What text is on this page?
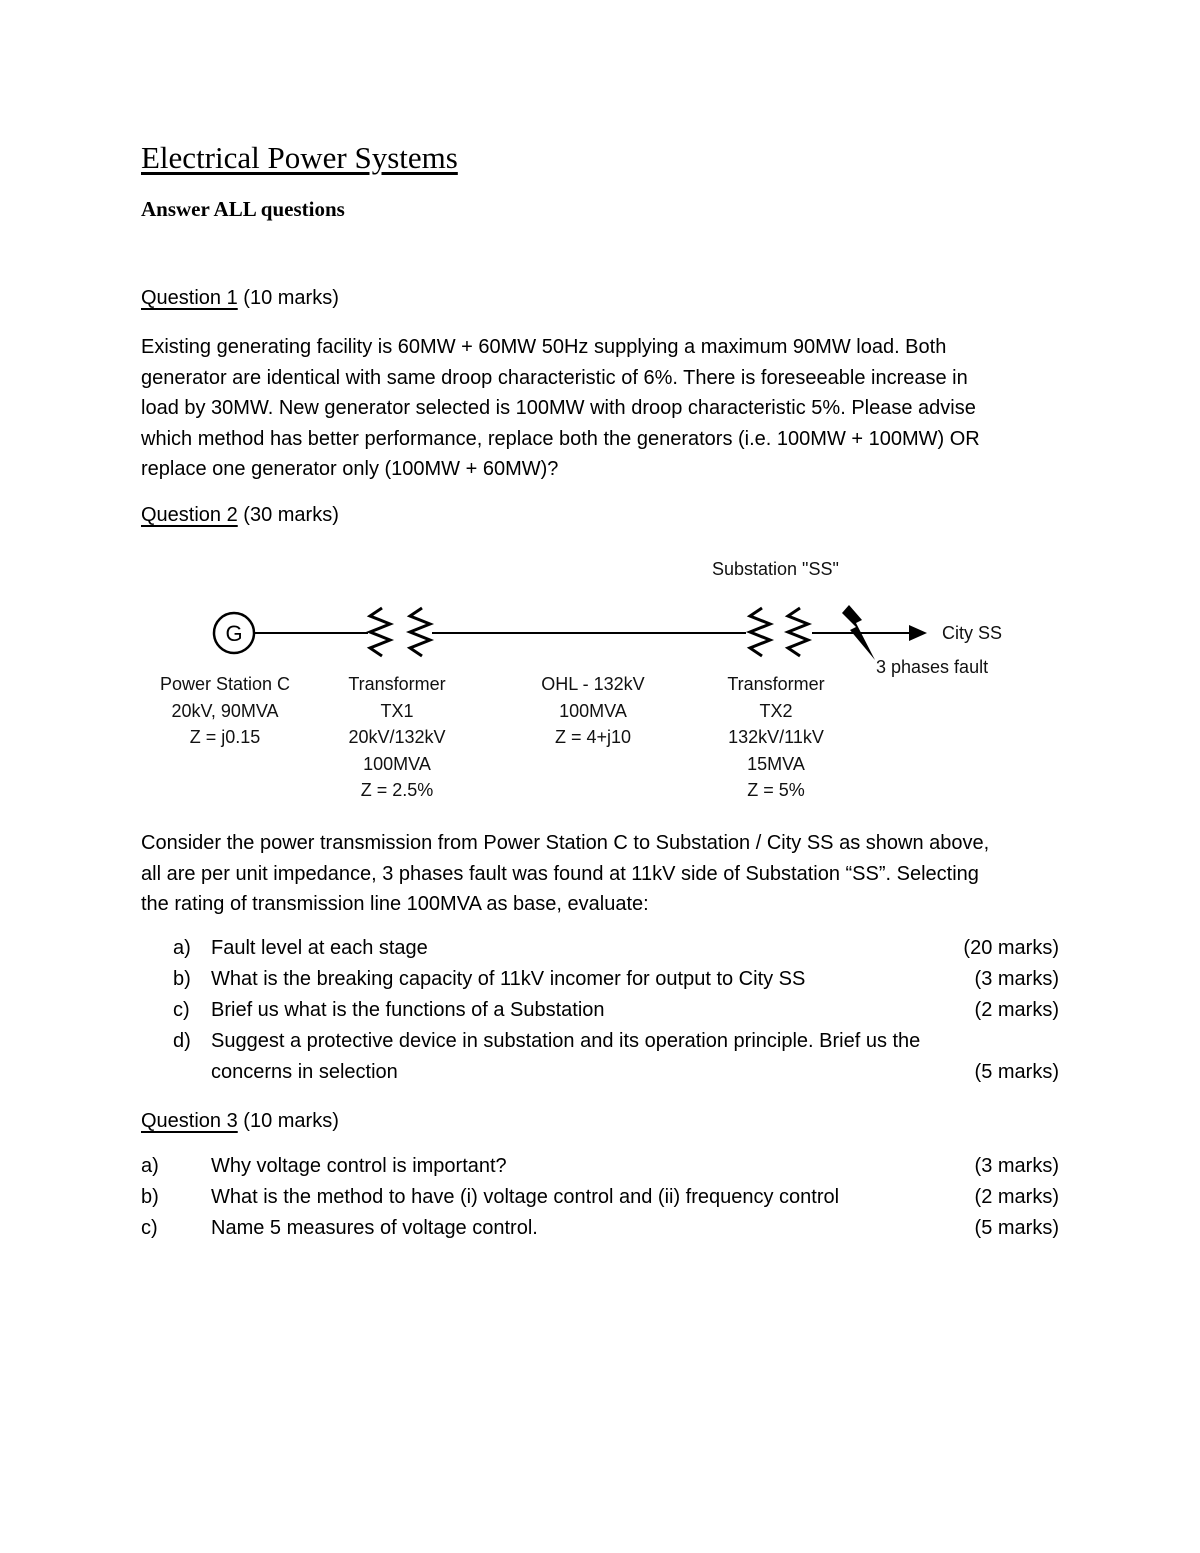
Electrical Power Systems
Answer ALL questions
Question 1 (10 marks)
Existing generating facility is 60MW + 60MW 50Hz supplying a maximum 90MW load. Both
generator are identical with same droop characteristic of 6%. There is foreseeable increase in
load by 30MW. New generator selected is 100MW with droop characteristic 5%. Please advise
which method has better performance, replace both the generators (i.e. 100MW + 100MW) OR
replace one generator only (100MW + 60MW)?
Question 2 (30 marks)
G
Substation "SS"
City SS
3 phases fault
Power Station C
20kV, 90MVA
Z = j0.15
Transformer
TX1
20kV/132kV
100MVA
Z = 2.5%
OHL - 132kV
100MVA
Z = 4+j10
Transformer
TX2
132kV/11kV
15MVA
Z = 5%
Consider the power transmission from Power Station C to Substation / City SS as shown above,
all are per unit impedance, 3 phases fault was found at 11kV side of Substation “SS”. Selecting
the rating of transmission line 100MVA as base, evaluate:
a) Fault level at each stage	(20 marks)
b) What is the breaking capacity of 11kV incomer for output to City SS	(3 marks)
c) Brief us what is the functions of a Substation	(2 marks)
d) Suggest a protective device in substation and its operation principle. Brief us the
concerns in selection	(5 marks)
Question 3 (10 marks)
a)	Why voltage control is important?	(3 marks)
b)	What is the method to have (i) voltage control and (ii) frequency control	(2 marks)
c)	Name 5 measures of voltage control.	(5 marks)
